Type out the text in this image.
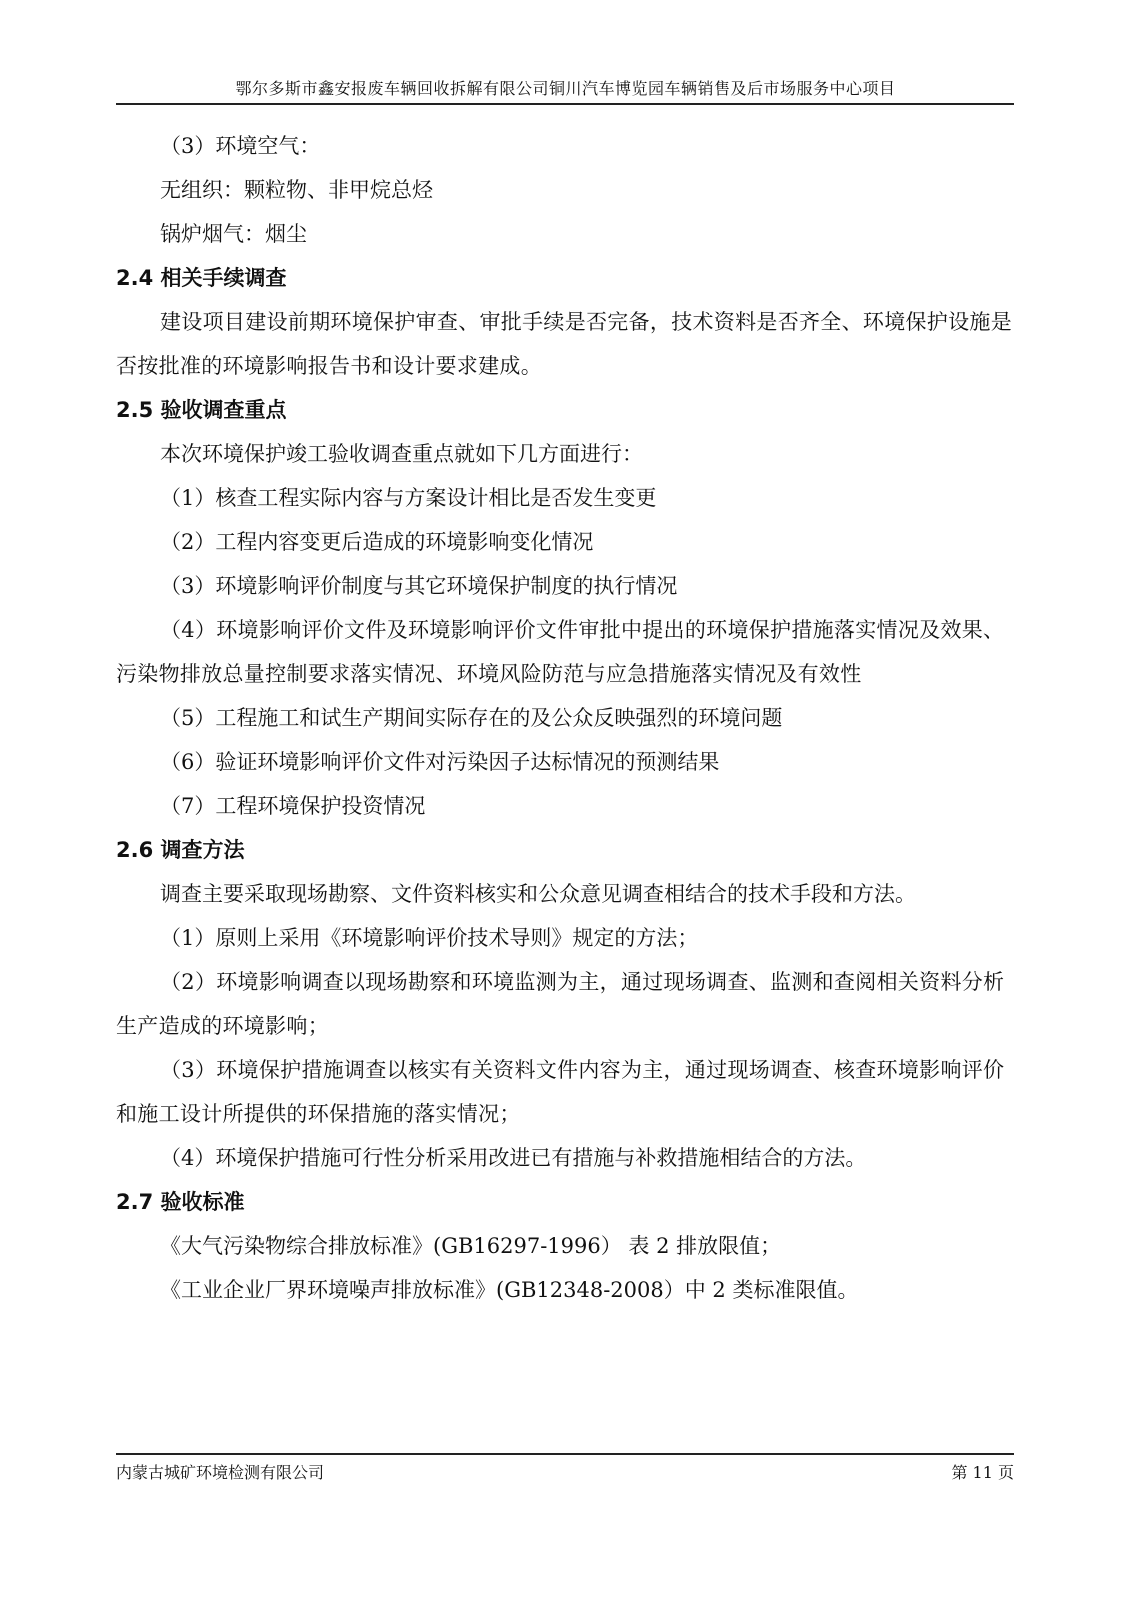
鄂尔多斯市鑫安报废车辆回收拆解有限公司铜川汽车博览园车辆销售及后市场服务中心项目

（3）环境空气：

无组织：颗粒物、非甲烷总烃

锅炉烟气：烟尘

2.4 相关手续调查

建设项目建设前期环境保护审查、审批手续是否完备，技术资料是否齐全、环境保护设施是否按批准的环境影响报告书和设计要求建成。

2.5 验收调查重点

本次环境保护竣工验收调查重点就如下几方面进行：

（1）核查工程实际内容与方案设计相比是否发生变更

（2）工程内容变更后造成的环境影响变化情况

（3）环境影响评价制度与其它环境保护制度的执行情况

（4）环境影响评价文件及环境影响评价文件审批中提出的环境保护措施落实情况及效果、污染物排放总量控制要求落实情况、环境风险防范与应急措施落实情况及有效性

（5）工程施工和试生产期间实际存在的及公众反映强烈的环境问题

（6）验证环境影响评价文件对污染因子达标情况的预测结果

（7）工程环境保护投资情况

2.6 调查方法

调查主要采取现场勘察、文件资料核实和公众意见调查相结合的技术手段和方法。

（1）原则上采用《环境影响评价技术导则》规定的方法；

（2）环境影响调查以现场勘察和环境监测为主，通过现场调查、监测和查阅相关资料分析生产造成的环境影响；

（3）环境保护措施调查以核实有关资料文件内容为主，通过现场调查、核查环境影响评价和施工设计所提供的环保措施的落实情况；

（4）环境保护措施可行性分析采用改进已有措施与补救措施相结合的方法。

2.7 验收标准

《大气污染物综合排放标准》(GB16297-1996） 表 2 排放限值；

《工业企业厂界环境噪声排放标准》(GB12348-2008）中 2 类标准限值。

内蒙古城矿环境检测有限公司	第 11 页
